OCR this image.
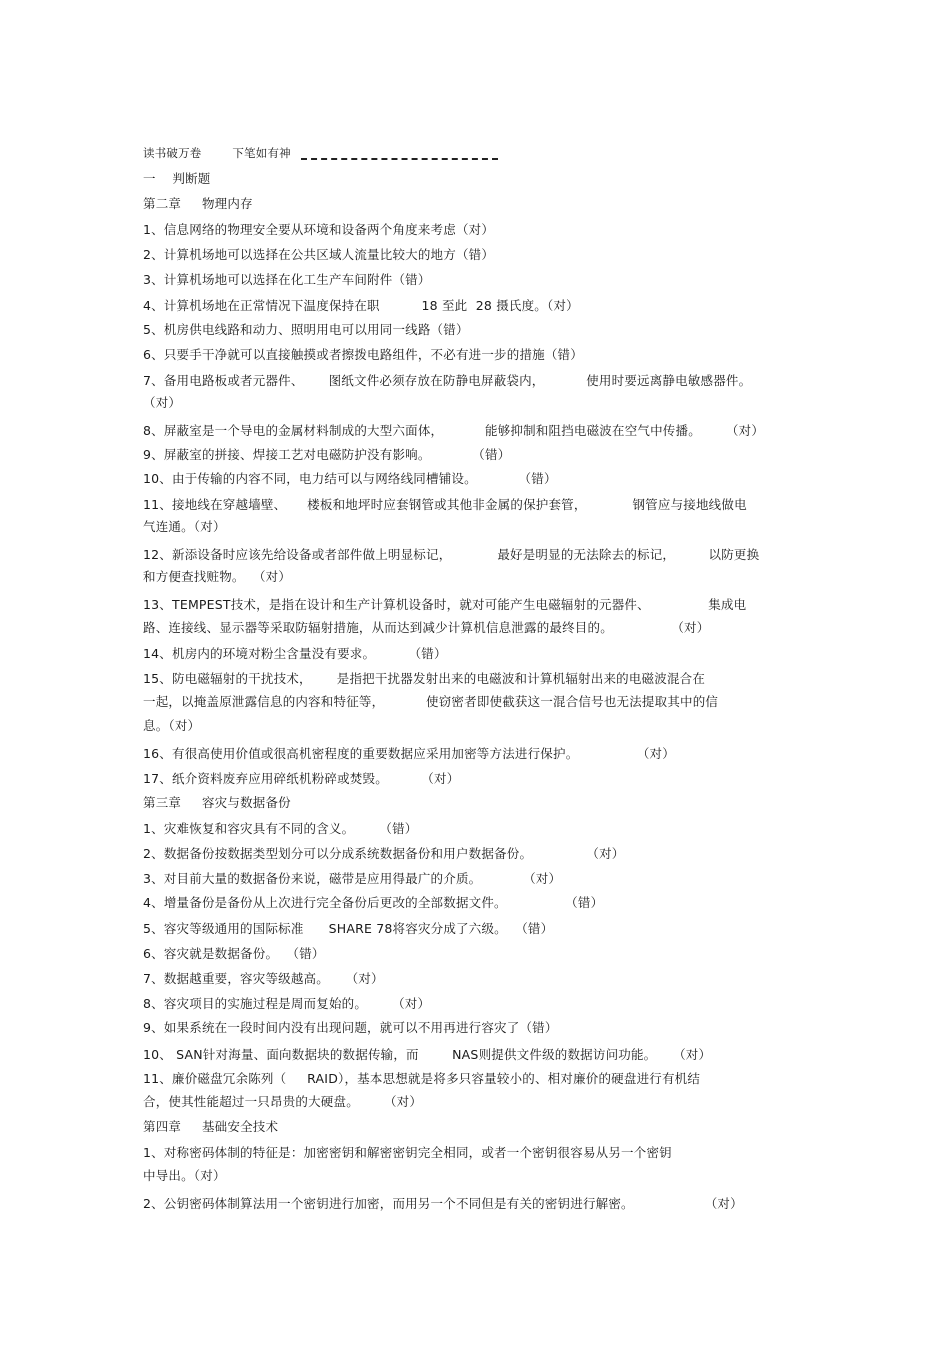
读书破万卷        下笔如有神
一    判断题
第二章     物理内存
1、信息网络的物理安全要从环境和设备两个角度来考虑（对）
2、计算机场地可以选择在公共区域人流量比较大的地方（错）
3、计算机场地可以选择在化工生产车间附件（错）
4、计算机场地在正常情况下温度保持在职          18 至此  28 摄氏度。（对）
5、机房供电线路和动力、照明用电可以用同一线路（错）
6、只要手干净就可以直接触摸或者擦拨电路组件，不必有进一步的措施（错）
7、备用电路板或者元器件、      图纸文件必须存放在防静电屏蔽袋内，          使用时要远离静电敏感器件。
（对）
8、屏蔽室是一个导电的金属材料制成的大型六面体，          能够抑制和阻挡电磁波在空气中传播。      （对）
9、屏蔽室的拼接、焊接工艺对电磁防护没有影响。          （错）
10、由于传输的内容不同，电力结可以与网络线同槽铺设。          （错）
11、接地线在穿越墙壁、     楼板和地坪时应套钢管或其他非金属的保护套管，           钢管应与接地线做电
气连通。（对）
12、新添设备时应该先给设备或者部件做上明显标记，           最好是明显的无法除去的标记，        以防更换
和方便查找赃物。  （对）
13、TEMPEST技术，是指在设计和生产计算机设备时，就对可能产生电磁辐射的元器件、              集成电
路、连接线、显示器等采取防辐射措施，从而达到减少计算机信息泄露的最终目的。              （对）
14、机房内的环境对粉尘含量没有要求。        （错）
15、防电磁辐射的干扰技术，      是指把干扰器发射出来的电磁波和计算机辐射出来的电磁波混合在
一起，以掩盖原泄露信息的内容和特征等，          使窃密者即使截获这一混合信号也无法提取其中的信
息。（对）
16、有很高使用价值或很高机密程度的重要数据应采用加密等方法进行保护。              （对）
17、纸介资料废弃应用碎纸机粉碎或焚毁。        （对）
第三章     容灾与数据备份
1、灾难恢复和容灾具有不同的含义。      （错）
2、数据备份按数据类型划分可以分成系统数据备份和用户数据备份。             （对）
3、对目前大量的数据备份来说，磁带是应用得最广的介质。          （对）
4、增量备份是备份从上次进行完全备份后更改的全部数据文件。              （错）
5、容灾等级通用的国际标准      SHARE 78将容灾分成了六级。  （错）
6、容灾就是数据备份。  （错）
7、数据越重要，容灾等级越高。    （对）
8、容灾项目的实施过程是周而复始的。      （对）
9、如果系统在一段时间内没有出现问题，就可以不用再进行容灾了（错）
10、 SAN针对海量、面向数据块的数据传输，而        NAS则提供文件级的数据访问功能。    （对）
11、廉价磁盘冗余陈列（     RAID），基本思想就是将多只容量较小的、相对廉价的硬盘进行有机结
合，使其性能超过一只昂贵的大硬盘。      （对）
第四章     基础安全技术
1、对称密码体制的特征是：加密密钥和解密密钥完全相同，或者一个密钥很容易从另一个密钥
中导出。（对）
2、公钥密码体制算法用一个密钥进行加密，而用另一个不同但是有关的密钥进行解密。                 （对）
